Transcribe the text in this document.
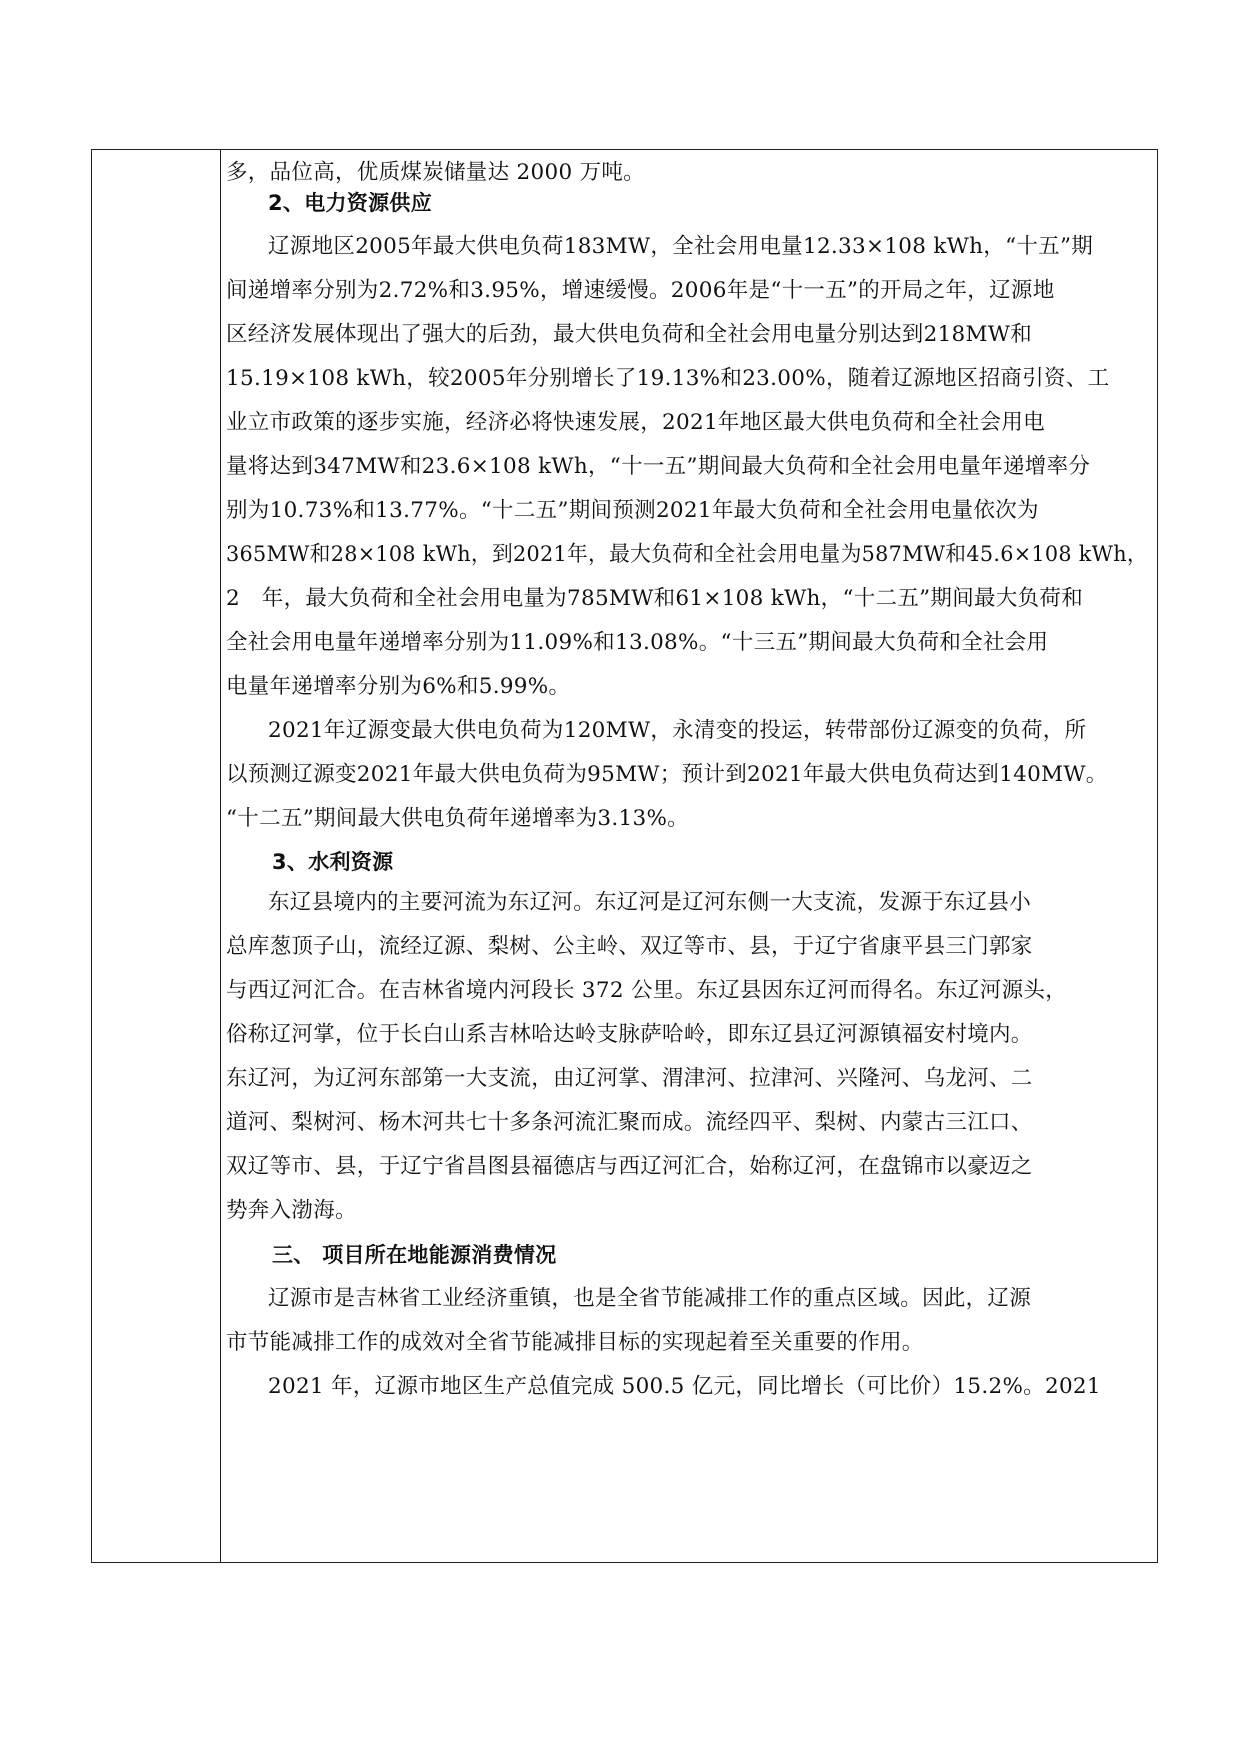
多，品位高，优质煤炭储量达 2000 万吨。
2、电力资源供应
辽源地区2005年最大供电负荷183MW，全社会用电量12.33×108 kWh，“十五”期
间递增率分别为2.72%和3.95%，增速缓慢。2006年是“十一五”的开局之年，辽源地
区经济发展体现出了强大的后劲，最大供电负荷和全社会用电量分别达到218MW和
15.19×108 kWh，较2005年分别增长了19.13%和23.00%，随着辽源地区招商引资、工
业立市政策的逐步实施，经济必将快速发展，2021年地区最大供电负荷和全社会用电
量将达到347MW和23.6×108 kWh，“十一五”期间最大负荷和全社会用电量年递增率分
别为10.73%和13.77%。“十二五”期间预测2021年最大负荷和全社会用电量依次为
365MW和28×108 kWh，到2021年，最大负荷和全社会用电量为587MW和45.6×108 kWh，
2　年，最大负荷和全社会用电量为785MW和61×108 kWh，“十二五”期间最大负荷和
全社会用电量年递增率分别为11.09%和13.08%。“十三五”期间最大负荷和全社会用
电量年递增率分别为6%和5.99%。
2021年辽源变最大供电负荷为120MW，永清变的投运，转带部份辽源变的负荷，所
以预测辽源变2021年最大供电负荷为95MW；预计到2021年最大供电负荷达到140MW。
“十二五”期间最大供电负荷年递增率为3.13%。
3、水利资源
东辽县境内的主要河流为东辽河。东辽河是辽河东侧一大支流，发源于东辽县小
总库葱顶子山，流经辽源、梨树、公主岭、双辽等市、县，于辽宁省康平县三门郭家
与西辽河汇合。在吉林省境内河段长 372 公里。东辽县因东辽河而得名。东辽河源头，
俗称辽河掌，位于长白山系吉林哈达岭支脉萨哈岭，即东辽县辽河源镇福安村境内。
东辽河，为辽河东部第一大支流，由辽河掌、渭津河、拉津河、兴隆河、乌龙河、二
道河、梨树河、杨木河共七十多条河流汇聚而成。流经四平、梨树、内蒙古三江口、
双辽等市、县，于辽宁省昌图县福德店与西辽河汇合，始称辽河，在盘锦市以豪迈之
势奔入渤海。
三、 项目所在地能源消费情况
辽源市是吉林省工业经济重镇，也是全省节能减排工作的重点区域。因此，辽源
市节能减排工作的成效对全省节能减排目标的实现起着至关重要的作用。
2021 年，辽源市地区生产总值完成 500.5 亿元，同比增长（可比价）15.2%。2021
